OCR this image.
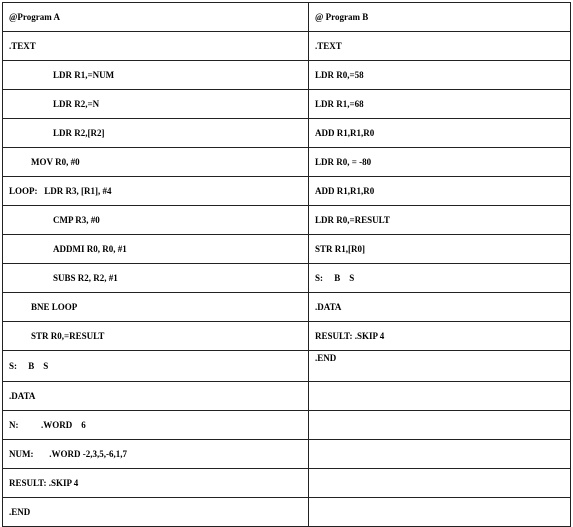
@Program A	@ Program B
.TEXT	.TEXT
LDR R1,=NUM	LDR R0,=58
LDR R2,=N	LDR R1,=68
LDR R2,[R2]	ADD R1,R1,R0
MOV R0, #0	LDR R0, = -80
LOOP:   LDR R3, [R1], #4	ADD R1,R1,R0
CMP R3, #0	LDR R0,=RESULT
ADDMI R0, R0, #1	STR R1,[R0]
SUBS R2, R2, #1	S:     B    S
BNE LOOP	.DATA
STR R0,=RESULT	RESULT: .SKIP 4
S:     B    S	.END
.DATA	
N:          .WORD    6	
NUM:       .WORD -2,3,5,-6,1,7	
RESULT: .SKIP 4	
.END	
